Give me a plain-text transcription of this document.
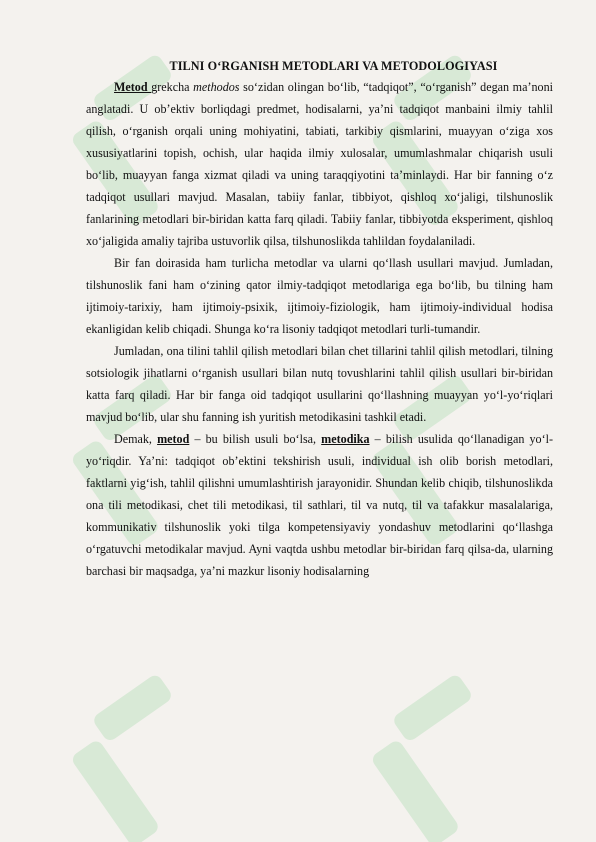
TILNI O‘RGANISH METODLARI VA METODOLOGIYASI

Metod grekcha methodos so‘zidan olingan bo‘lib, “tadqiqot”, “o‘rganish” degan ma’noni anglatadi. U ob’ektiv borliqdagi predmet, hodisalarni, ya’ni tadqiqot manbaini ilmiy tahlil qilish, o‘rganish orqali uning mohiyatini, tabiati, tarkibiy qismlarini, muayyan o‘ziga xos xususiyatlarini topish, ochish, ular haqida ilmiy xulosalar, umumlashmalar chiqarish usuli bo‘lib, muayyan fanga xizmat qiladi va uning taraqqiyotini ta’minlaydi. Har bir fanning o‘z tadqiqot usullari mavjud. Masalan, tabiiy fanlar, tibbiyot, qishloq xo‘jaligi, tilshunoslik fanlarining metodlari bir-biridan katta farq qiladi. Tabiiy fanlar, tibbiyotda eksperiment, qishloq xo‘jaligida amaliy tajriba ustuvorlik qilsa, tilshunoslikda tahlildan foydalaniladi.

Bir fan doirasida ham turlicha metodlar va ularni qo‘llash usullari mavjud. Jumladan, tilshunoslik fani ham o‘zining qator ilmiy-tadqiqot metodlariga ega bo‘lib, bu tilning ham ijtimoiy-tarixiy, ham ijtimoiy-psixik, ijtimoiy-fiziologik, ham ijtimoiy-individual hodisa ekanligidan kelib chiqadi. Shunga ko‘ra lisoniy tadqiqot metodlari turli-tumandir.

Jumladan, ona tilini tahlil qilish metodlari bilan chet tillarini tahlil qilish metodlari, tilning sotsiologik jihatlarni o‘rganish usullari bilan nutq tovushlarini tahlil qilish usullari bir-biridan katta farq qiladi. Har bir fanga oid tadqiqot usullarini qo‘llashning muayyan yo‘l-yo‘riqlari mavjud bo‘lib, ular shu fanning ish yuritish metodikasini tashkil etadi.

Demak, metod – bu bilish usuli bo‘lsa, metodika – bilish usulida qo‘llanadigan yo‘l-yo‘riqdir. Ya’ni: tadqiqot ob’ektini tekshirish usuli, individual ish olib borish metodlari, faktlarni yig‘ish, tahlil qilishni umumlashtirish jarayonidir. Shundan kelib chiqib, tilshunoslikda ona tili metodikasi, chet tili metodikasi, til sathlari, til va nutq, til va tafakkur masalalariga, kommunikativ tilshunoslik yoki tilga kompetensiyaviy yondashuv metodlarini qo‘llashga o‘rgatuvchi metodikalar mavjud. Ayni vaqtda ushbu metodlar bir-biridan farq qilsa-da, ularning barchasi bir maqsadga, ya’ni mazkur lisoniy hodisalarning
